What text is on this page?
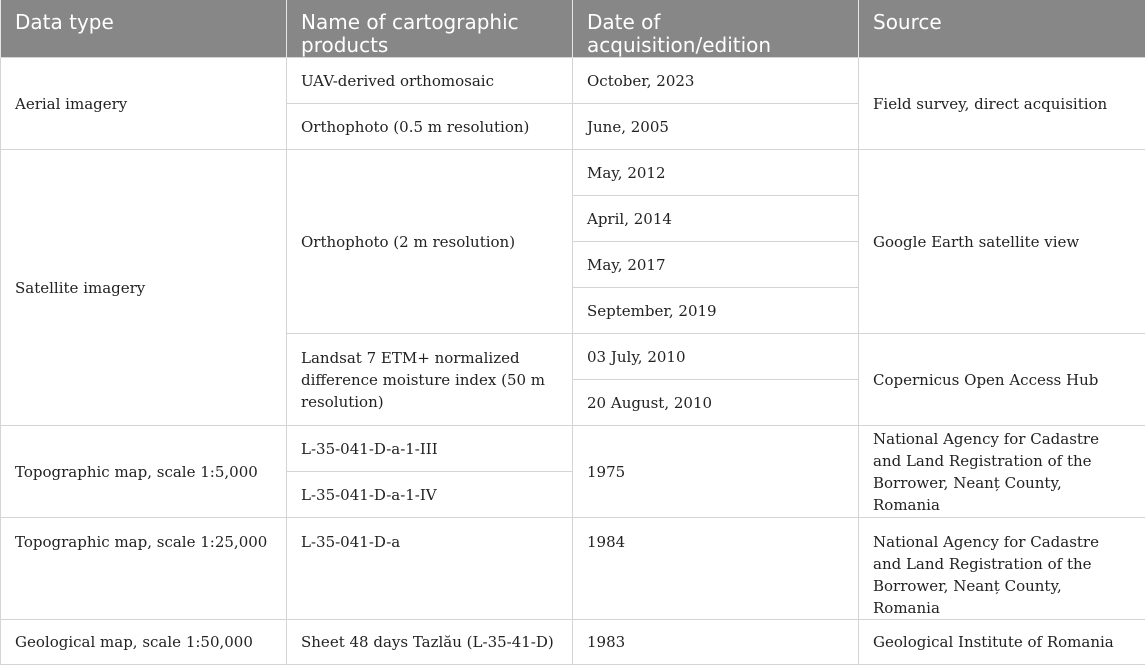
Data type	Name of cartographic products	Date of acquisition/edition	Source
Aerial imagery	UAV-derived orthomosaic	October, 2023	Field survey, direct acquisition
	Orthophoto (0.5 m resolution)	June, 2005	
Satellite imagery	Orthophoto (2 m resolution)	May, 2012	Google Earth satellite view
		April, 2014	
		May, 2017	
		September, 2019	
	Landsat 7 ETM+ normalized difference moisture index (50 m resolution)	03 July, 2010	Copernicus Open Access Hub
		20 August, 2010	
Topographic map, scale 1:5,000	L-35-041-D-a-1-III	1975	National Agency for Cadastre and Land Registration of the Borrower, Neanț County, Romania
	L-35-041-D-a-1-IV		
Topographic map, scale 1:25,000	L-35-041-D-a	1984	National Agency for Cadastre and Land Registration of the Borrower, Neanț County, Romania
Geological map, scale 1:50,000	Sheet 48 days Tazlău (L-35-41-D)	1983	Geological Institute of Romania
